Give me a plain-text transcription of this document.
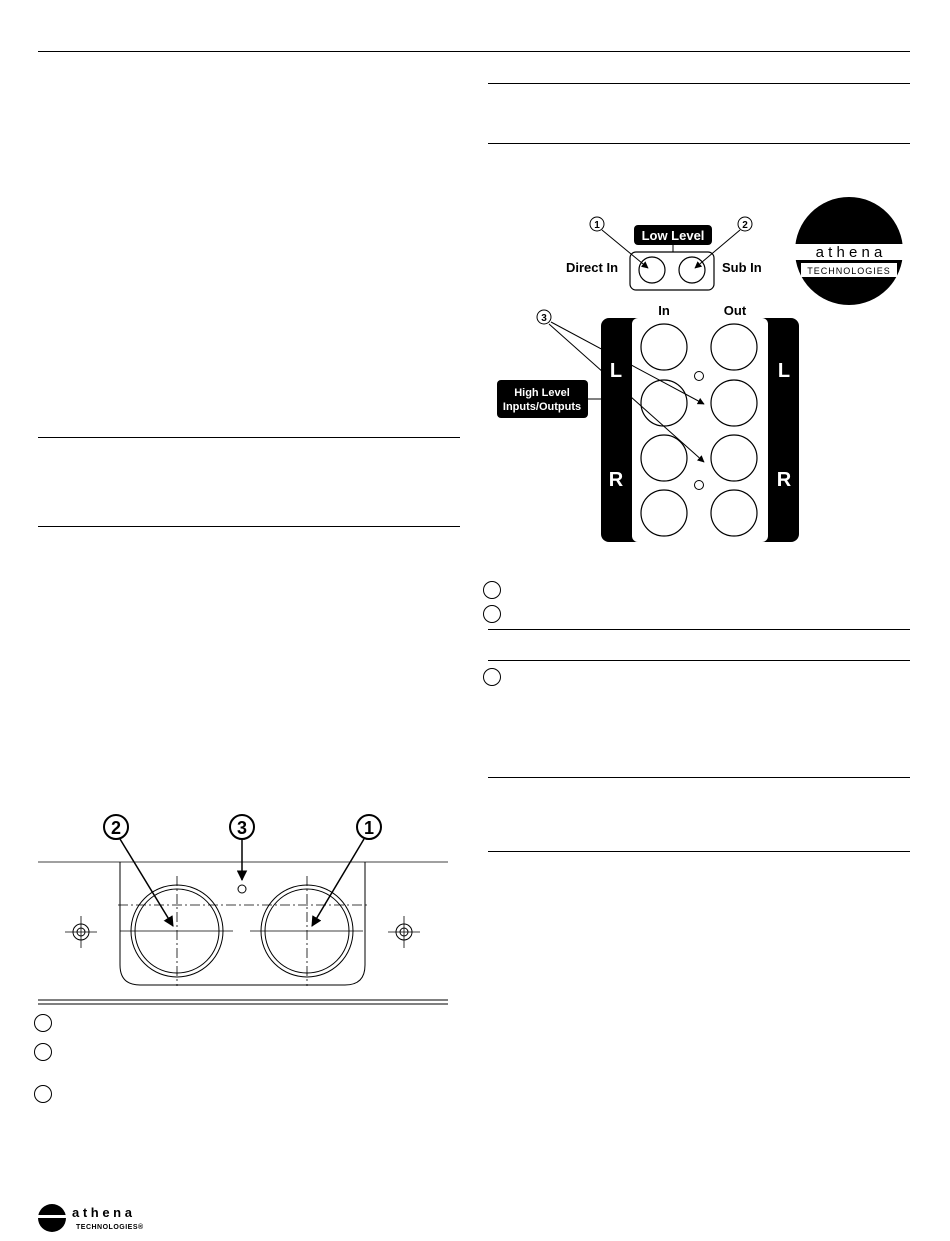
Low Level
Direct In	Sub In
1	2
In	Out
L	L
R	R
High Level
Inputs/Outputs
3
a t h e n a
TECHNOLOGIES
2	3	1
a t h e n a
TECHNOLOGIES®
